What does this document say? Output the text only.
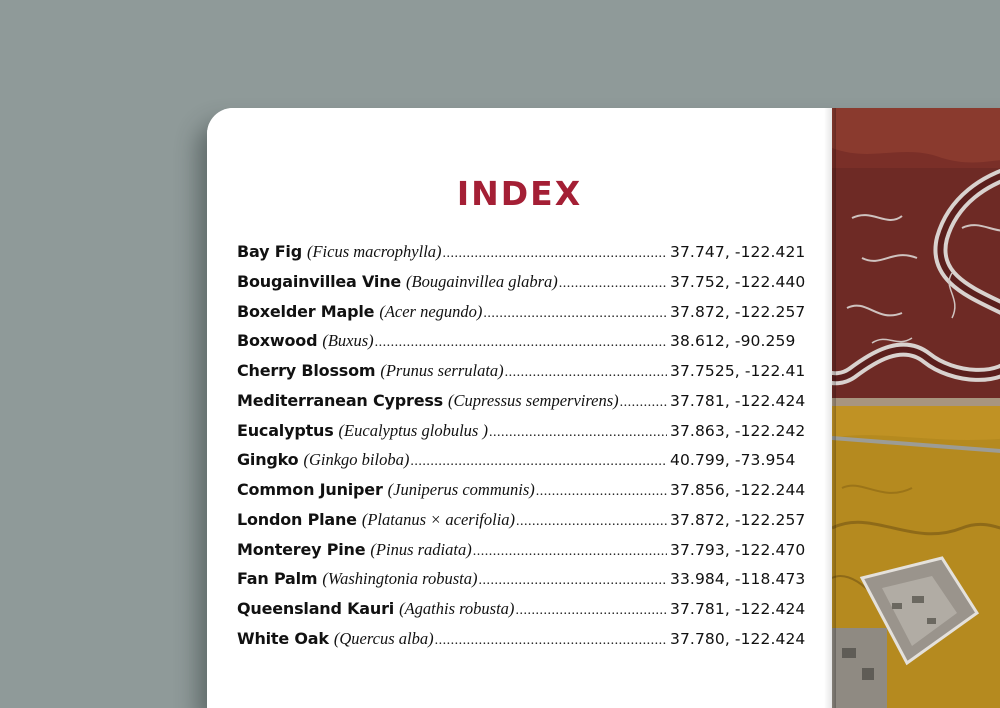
INDEX
Bay Fig (Ficus macrophylla) .....	37.747, -122.421
Bougainvillea Vine (Bougainvillea glabra) .....	37.752, -122.440
Boxelder Maple (Acer negundo) .....	37.872, -122.257
Boxwood (Buxus) .....	38.612, -90.259
Cherry Blossom (Prunus serrulata) .....	37.7525, -122.41
Mediterranean Cypress (Cupressus sempervirens) .....	37.781, -122.424
Eucalyptus (Eucalyptus globulus ) .....	37.863, -122.242
Gingko (Ginkgo biloba) .....	40.799, -73.954
Common Juniper (Juniperus communis) .....	37.856, -122.244
London Plane (Platanus × acerifolia) .....	37.872, -122.257
Monterey Pine (Pinus radiata) .....	37.793, -122.470
Fan Palm (Washingtonia robusta) .....	33.984, -118.473
Queensland Kauri (Agathis robusta) .....	37.781, -122.424
White Oak (Quercus alba) .....	37.780, -122.424
